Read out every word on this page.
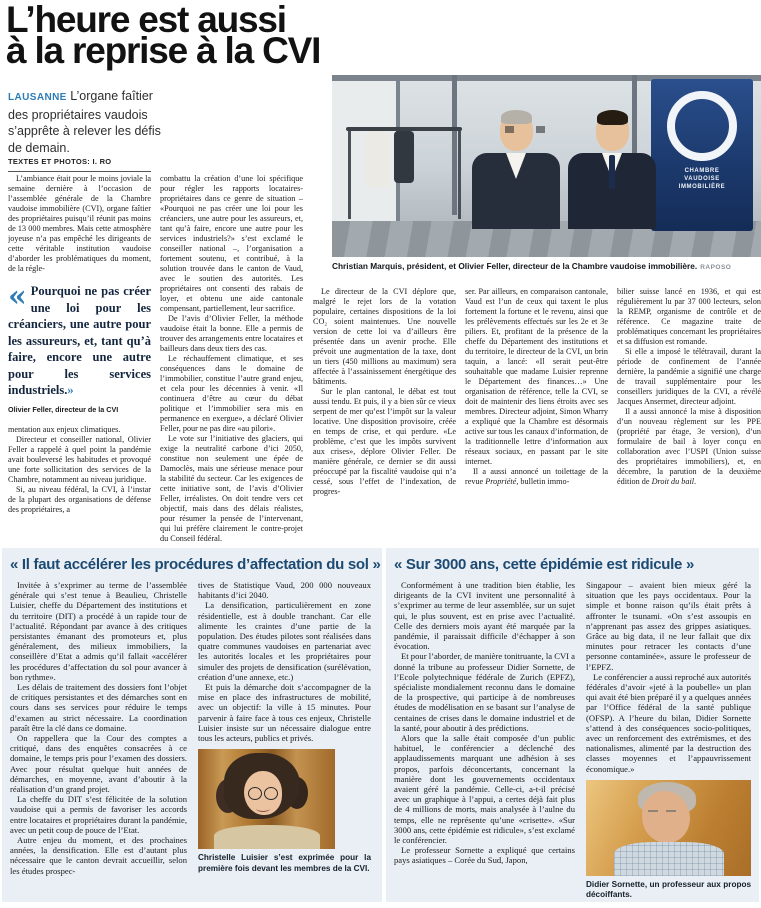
L’heure est aussi
à la reprise à la CVI

LAUSANNE L’organe faîtier des propriétaires vaudois s’apprête à relever les défis de demain.

TEXTES ET PHOTOS: I. RO
CHAMBRE
VAUDOISE
IMMOBILIÈRE
Christian Marquis, président, et Olivier Feller, directeur de la Chambre vaudoise immobilière. RAPOSO

L’ambiance était pour le moins joviale la semaine dernière à l’occasion de l’assemblée générale de la Chambre vaudoise immobilière (CVI), organe faîtier des propriétaires puisqu’il réunit pas moins de 13 000 membres. Mais cette atmosphère joyeuse n’a pas empêché les dirigeants de cette véritable institution vaudoise d’aborder les problématiques du moment, de la régle-

« Pourquoi ne pas créer une loi pour les créanciers, une autre pour les assureurs, et, tant qu’à faire, encore une autre pour les services industriels.»
Olivier Feller, directeur de la CVI

mentation aux enjeux climatiques.

Directeur et conseiller national, Olivier Feller a rappelé à quel point la pandémie avait bouleversé les habitudes et provoqué une forte sollicitation des services de la Chambre, notamment au niveau juridique.

Si, au niveau fédéral, la CVI, à l’instar de la plupart des organisations de défense des propriétaires, a

combattu la création d’une loi spécifique pour régler les rapports locataires-propriétaires dans ce genre de situation – «Pourquoi ne pas créer une loi pour les créanciers, une autre pour les assureurs, et, tant qu’à faire, encore une autre pour les services industriels?» s’est exclamé le conseiller national –, l’organisation a fortement soutenu, et contribué, à la solution trouvée dans le canton de Vaud, avec le soutien des autorités. Les propriétaires ont consenti des rabais de loyer, et obtenu une aide cantonale compensant, partiellement, leur sacrifice.

De l’avis d’Olivier Feller, la méthode vaudoise était la bonne. Elle a permis de trouver des arrangements entre locataires et bailleurs dans deux tiers des cas.

Le réchauffement climatique, et ses conséquences dans le domaine de l’immobilier, constitue l’autre grand enjeu, et cela pour les décennies à venir. «Il continuera d’être au cœur du débat politique et l’immobilier sera mis en permanence en exergue», a déclaré Olivier Feller, pour ne pas dire «au pilori».

Le vote sur l’initiative des glaciers, qui exige la neutralité carbone d’ici 2050, constitue non seulement une épée de Damoclès, mais une sérieuse menace pour la stabilité du secteur. Car les exigences de cette initiative sont, de l’avis d’Olivier Feller, irréalistes. On doit tendre vers cet objectif, mais dans des délais réalistes, pour résumer la pensée de l’intervenant, qui lui préfère clairement le contre-projet du Conseil fédéral.

Le directeur de la CVI déplore que, malgré le rejet lors de la votation populaire, certaines dispositions de la loi CO₂ soient maintenues. Une nouvelle version de cette loi va d’ailleurs être présentée dans un avenir proche. Elle prévoit une augmentation de la taxe, dont un tiers (450 millions au maximum) sera affectée à l’assainissement énergétique des bâtiments.

Sur le plan cantonal, le débat est tout aussi tendu. Et puis, il y a bien sûr ce vieux serpent de mer qu’est l’impôt sur la valeur locative. Une disposition provisoire, créée en temps de crise, et qui perdure. «Le problème, c’est que les impôts survivent aux crises», déplore Olivier Feller. De manière générale, ce dernier se dit aussi préoccupé par la fiscalité vaudoise qui n’a cessé, sous l’effet de l’indexation, de progres-

ser. Par ailleurs, en comparaison cantonale, Vaud est l’un de ceux qui taxent le plus fortement la fortune et le revenu, ainsi que les prélèvements effectués sur les 2e et 3e piliers. Et, profitant de la présence de la cheffe du Département des institutions et du territoire, le directeur de la CVI, un brin taquin, a lancé: «Il serait peut-être souhaitable que madame Luisier reprenne le Département des finances…» Une organisation de référence, telle la CVI, se doit de maintenir des liens étroits avec ses membres. Directeur adjoint, Simon Wharry a expliqué que la Chambre est désormais active sur tous les canaux d’information, de la traditionnelle lettre d’information aux réseaux sociaux, en passant par le site internet.

Il a aussi annoncé un toilettage de la revue Propriété, bulletin immo-

bilier suisse lancé en 1936, et qui est régulièrement lu par 37 000 lecteurs, selon la REMP, organisme de contrôle et de référence. Ce magazine traite de problématiques concernant les propriétaires et sa diffusion est romande.

Si elle a imposé le télétravail, durant la période de confinement de l’année dernière, la pandémie a signifié une charge de travail supplémentaire pour les conseillers juridiques de la CVI, a révélé Jacques Ansermet, directeur adjoint.

Il a aussi annoncé la mise à disposition d’un nouveau règlement sur les PPE (propriété par étage, 3e version), d’un formulaire de bail à loyer conçu en collaboration avec l’USPI (Union suisse des propriétaires immobiliers), et, en décembre, la parution de la deuxième édition de Droit du bail.

« Il faut accélérer les procédures d’affectation du sol »

Invitée à s’exprimer au terme de l’assemblée générale qui s’est tenue à Beaulieu, Christelle Luisier, cheffe du Département des institutions et du territoire (DIT) a procédé à un rapide tour de l’actualité. Répondant par avance à des critiques persistantes émanant des promoteurs et, plus généralement, des milieux immobiliers, la conseillère d’Etat a admis qu’il fallait «accélérer les procédures d’affectation du sol pour avancer à bon rythme».

Les délais de traitement des dossiers font l’objet de critiques persistantes et des démarches sont en cours dans ses services pour réduire le temps d’examen au strict nécessaire. La coordination paraît être la clé dans ce domaine.

On rappellera que la Cour des comptes a critiqué, dans des enquêtes consacrées à ce domaine, le temps pris pour l’examen des dossiers. Avec pour résultat quelque huit années de démarches, en moyenne, avant d’aboutir à la réalisation d’un grand projet.

La cheffe du DIT s’est félicitée de la solution vaudoise qui a permis de favoriser les accords entre locataires et propriétaires durant la pandémie, avec un petit coup de pouce de l’Etat.

Autre enjeu du moment, et des prochaines années, la densification. Elle est d’autant plus nécessaire que le canton devrait accueillir, selon les études prospec-

tives de Statistique Vaud, 200 000 nouveaux habitants d’ici 2040.

La densification, particulièrement en zone résidentielle, est à double tranchant. Car elle alimente les craintes d’une partie de la population. Des études pilotes sont réalisées dans quatre communes vaudoises en partenariat avec les autorités locales et les propriétaires pour simuler des projets de densification (surélévation, création d’une annexe, etc.)

Et puis la démarche doit s’accompagner de la mise en place des infrastructures de mobilité, avec un objectif: la ville à 15 minutes. Pour parvenir à faire face à tous ces enjeux, Christelle Luisier insiste sur un nécessaire dialogue entre tous les acteurs, publics et privés.

Christelle Luisier s’est exprimée pour la première fois devant les membres de la CVI.
« Sur 3000 ans, cette épidémie est ridicule »

Conformément à une tradition bien établie, les dirigeants de la CVI invitent une personnalité à s’exprimer au terme de leur assemblée, sur un sujet qui, le plus souvent, est en prise avec l’actualité. Celle des derniers mois ayant été marquée par la pandémie, il paraissait difficile d’échapper à son évocation.

Et pour l’aborder, de manière tonitruante, la CVI a donné la tribune au professeur Didier Sornette, de l’Ecole polytechnique fédérale de Zurich (EPFZ), spécialiste mondialement reconnu dans le domaine de la prospective, qui participe à de nombreuses études de modélisation en se basant sur l’analyse de centaines de crises dans le domaine industriel et de la santé, pour aboutir à des prédictions.

Alors que la salle était composée d’un public habituel, le conférencier a déclenché des applaudissements marquant une adhésion à ses propos, parfois déconcertants, concernant la manière dont les gouvernements occidentaux avaient géré la pandémie. Celle-ci, a-t-il précisé avec un graphique à l’appui, a certes déjà fait plus de 4 millions de morts, mais analysée à l’aulne du temps, elle ne représente qu’une «crisette». «Sur 3000 ans, cette épidémie est ridicule», s’est exclamé le conférencier.

Le professeur Sornette a expliqué que certains pays asiatiques – Corée du Sud, Japon,

Singapour – avaient bien mieux géré la situation que les pays occidentaux. Pour la simple et bonne raison qu’ils était prêts à affronter le tsunami. «On s’est assoupis en n’apprenant pas assez des grippes asiatiques. Grâce au big data, il ne leur fallait que dix minutes pour retracer les contacts d’une personne contaminée», assure le professeur de l’EPFZ.

Le conférencier a aussi reproché aux autorités fédérales d’avoir «jeté à la poubelle» un plan qui avait été bien préparé il y a quelques années par l’Office fédéral de la santé publique (OFSP). A l’heure du bilan, Didier Sornette s’attend à des conséquences socio-politiques, avec un renforcement des extrémismes, et des nationalismes, alimenté par la destruction des classes moyennes et l’appauvrissement économique.»

Didier Sornette, un professeur aux propos décoiffants.
